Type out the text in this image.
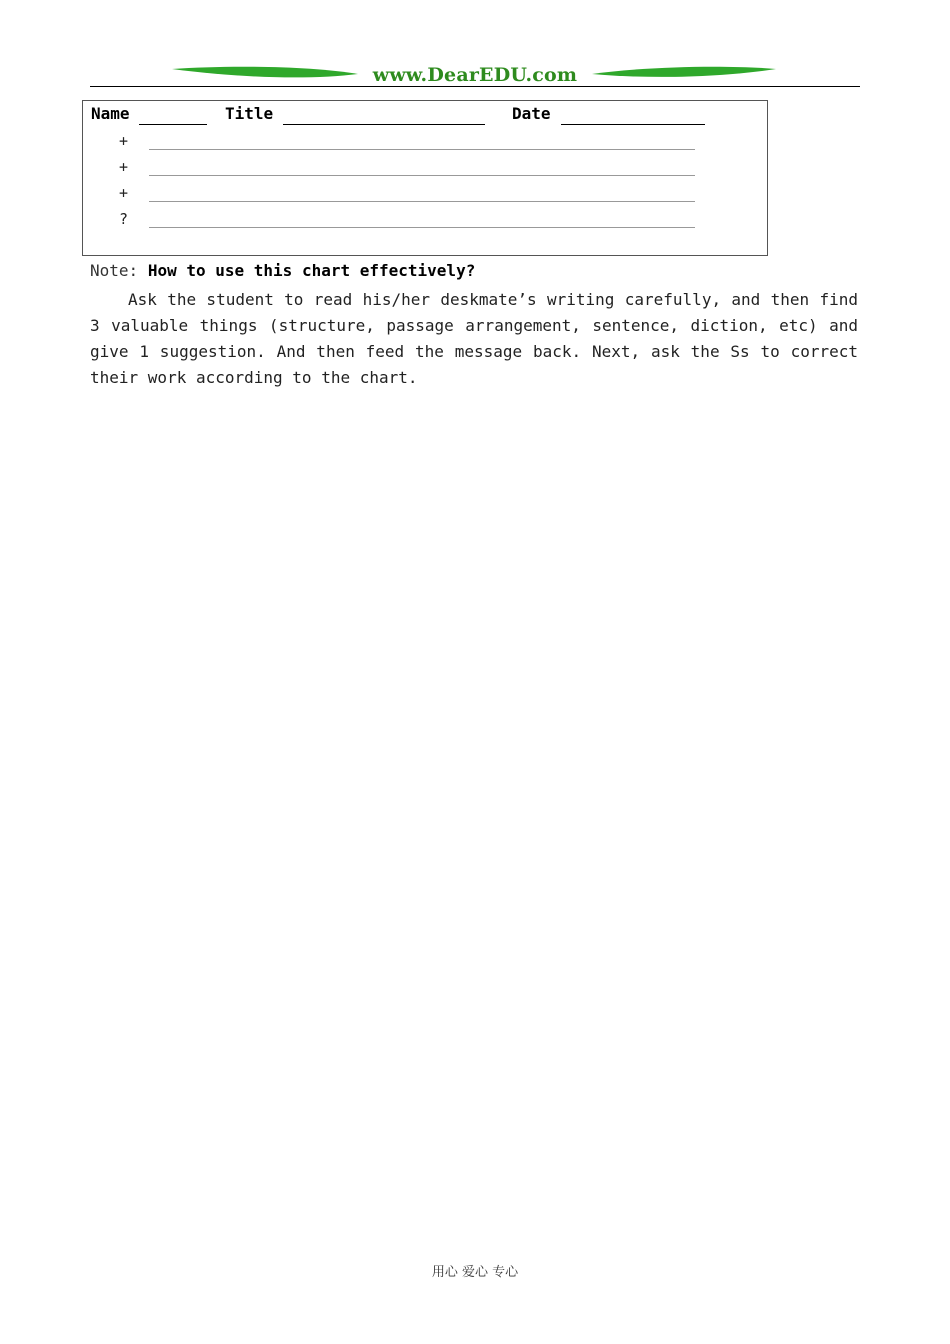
www.DearEDU.com
Name	Title	Date
+
+
+
?
Note: How to use this chart effectively?
Ask the student to read his/her deskmate’s writing carefully, and then find 3 valuable things (structure, passage arrangement, sentence, diction, etc) and give 1 suggestion. And then feed the message back. Next, ask the Ss to correct their work according to the chart.
用心 爱心 专心
